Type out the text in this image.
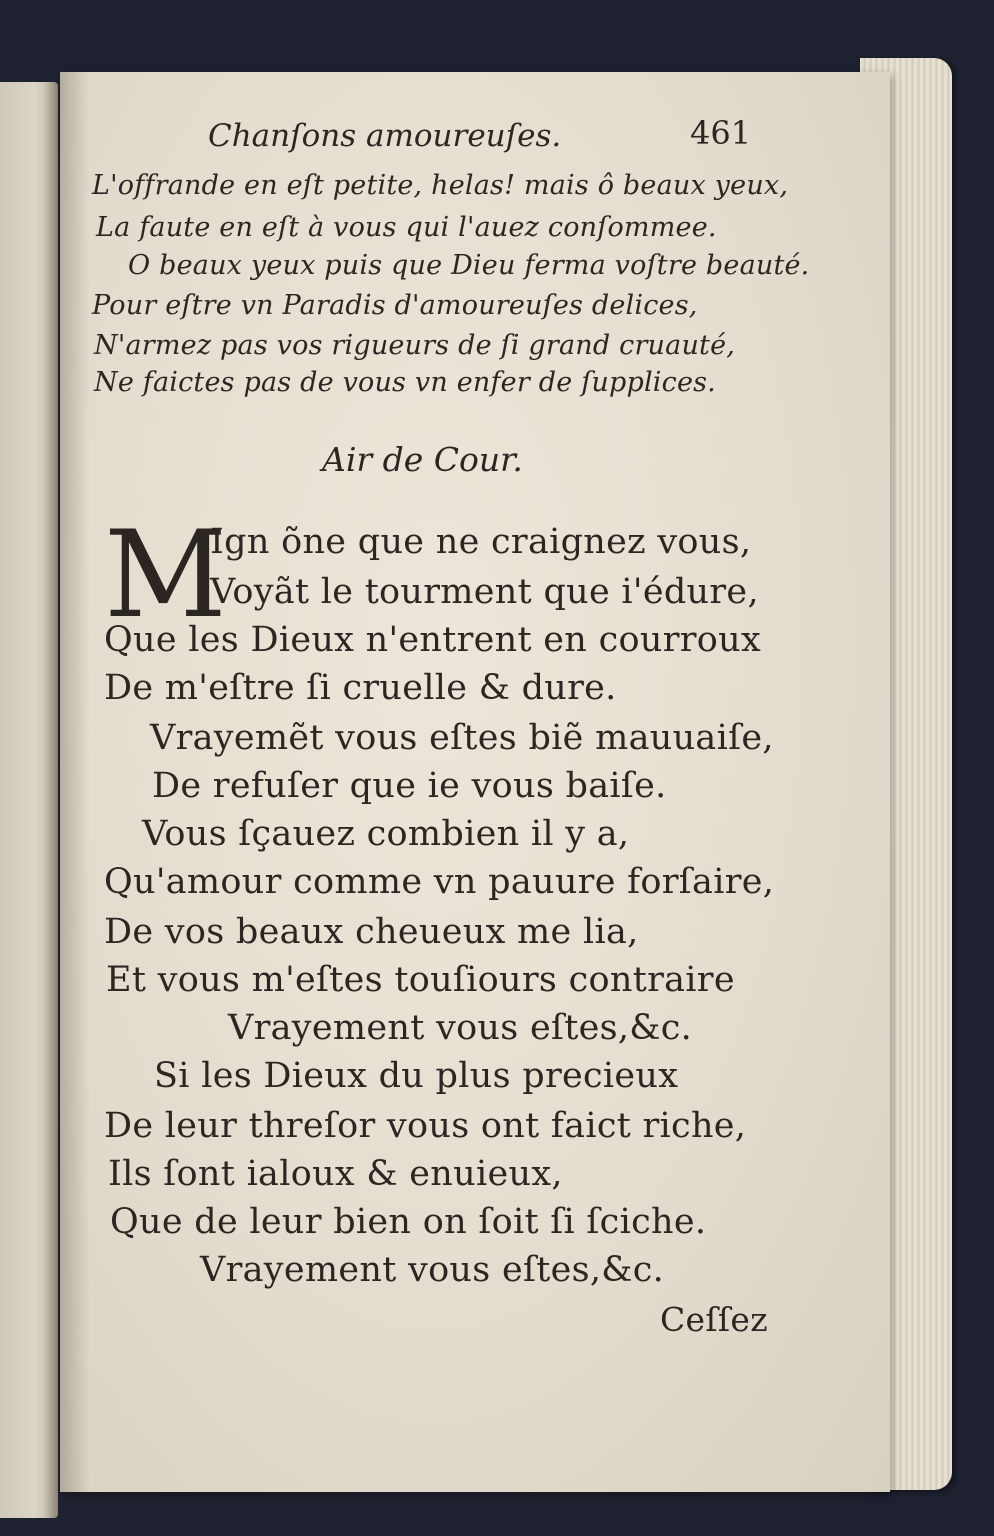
Chanſons amoureuſes.	461
L'offrande en eſt petite, helas! mais ô beaux yeux,
La faute en eſt à vous qui l'auez conſommee.
O beaux yeux puis que Dieu ferma voſtre beauté.
Pour eſtre vn Paradis d'amoureuſes delices,
N'armez pas vos rigueurs de ſi grand cruauté,
Ne faictes pas de vous vn enfer de ſupplices.
Air de Cour.
M
Ign õne que ne craignez vous,
Voyãt le tourment que i'édure,
Que les Dieux n'entrent en courroux
De m'eſtre ſi cruelle & dure.
Vrayemẽt vous eſtes biẽ mauuaiſe,
De refuſer que ie vous baiſe.
Vous ſçauez combien il y a,
Qu'amour comme vn pauure forſaire,
De vos beaux cheueux me lia,
Et vous m'eſtes touſiours contraire
Vrayement vous eſtes,&c.
Si les Dieux du plus precieux
De leur threſor vous ont faict riche,
Ils ſont ialoux & enuieux,
Que de leur bien on ſoit ſi ſciche.
Vrayement vous eſtes,&c.
Ceſſez
